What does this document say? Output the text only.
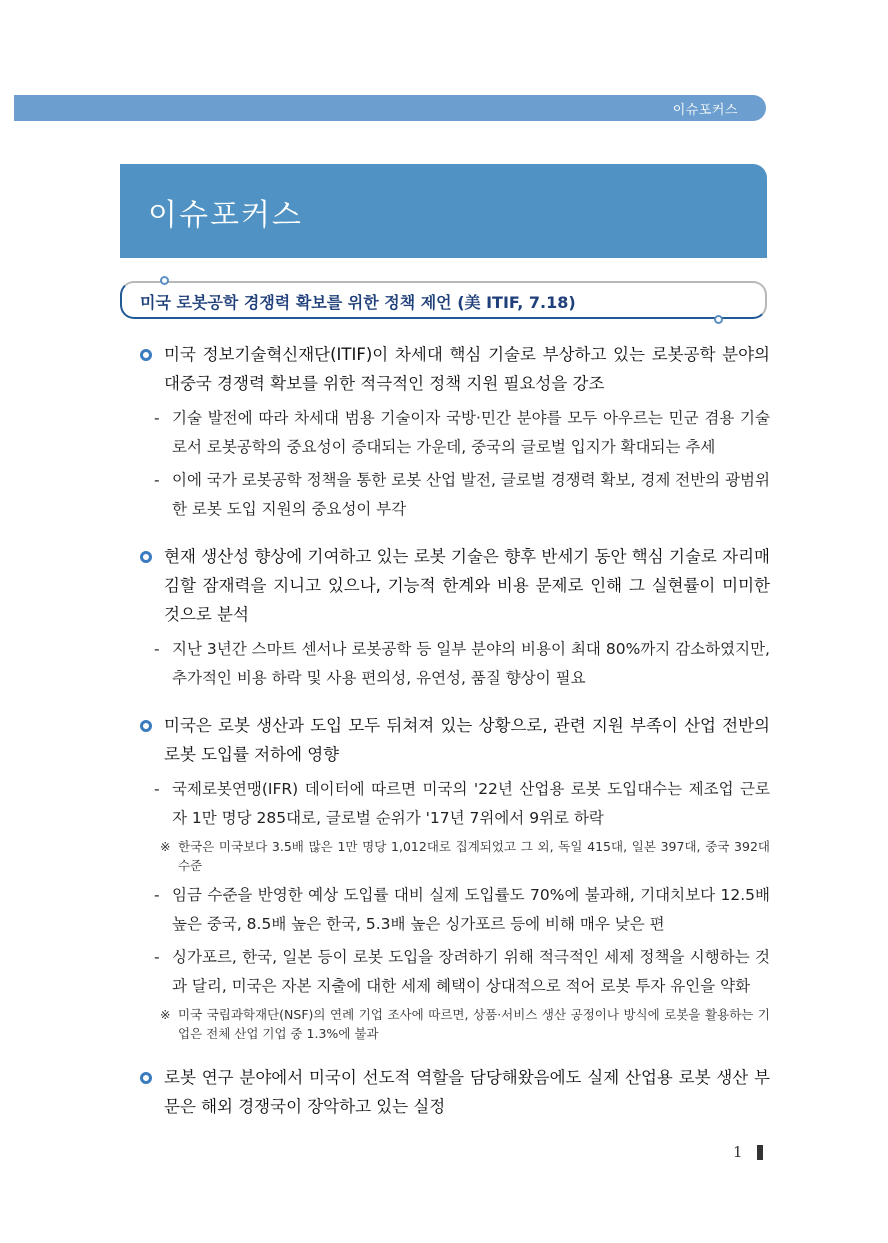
이슈포커스
이슈포커스
미국 로봇공학 경쟁력 확보를 위한 정책 제언 (美 ITIF, 7.18)
미국 정보기술혁신재단(ITIF)이 차세대 핵심 기술로 부상하고 있는 로봇공학 분야의 대중국 경쟁력 확보를 위한 적극적인 정책 지원 필요성을 강조
- 기술 발전에 따라 차세대 범용 기술이자 국방·민간 분야를 모두 아우르는 민군 겸용 기술로서 로봇공학의 중요성이 증대되는 가운데, 중국의 글로벌 입지가 확대되는 추세
- 이에 국가 로봇공학 정책을 통한 로봇 산업 발전, 글로벌 경쟁력 확보, 경제 전반의 광범위한 로봇 도입 지원의 중요성이 부각
현재 생산성 향상에 기여하고 있는 로봇 기술은 향후 반세기 동안 핵심 기술로 자리매김할 잠재력을 지니고 있으나, 기능적 한계와 비용 문제로 인해 그 실현률이 미미한 것으로 분석
- 지난 3년간 스마트 센서나 로봇공학 등 일부 분야의 비용이 최대 80%까지 감소하였지만, 추가적인 비용 하락 및 사용 편의성, 유연성, 품질 향상이 필요
미국은 로봇 생산과 도입 모두 뒤쳐져 있는 상황으로, 관련 지원 부족이 산업 전반의 로봇 도입률 저하에 영향
- 국제로봇연맹(IFR) 데이터에 따르면 미국의 '22년 산업용 로봇 도입대수는 제조업 근로자 1만 명당 285대로, 글로벌 순위가 '17년 7위에서 9위로 하락
※ 한국은 미국보다 3.5배 많은 1만 명당 1,012대로 집계되었고 그 외, 독일 415대, 일본 397대, 중국 392대 수준
- 임금 수준을 반영한 예상 도입률 대비 실제 도입률도 70%에 불과해, 기대치보다 12.5배 높은 중국, 8.5배 높은 한국, 5.3배 높은 싱가포르 등에 비해 매우 낮은 편
- 싱가포르, 한국, 일본 등이 로봇 도입을 장려하기 위해 적극적인 세제 정책을 시행하는 것과 달리, 미국은 자본 지출에 대한 세제 혜택이 상대적으로 적어 로봇 투자 유인을 약화
※ 미국 국립과학재단(NSF)의 연례 기업 조사에 따르면, 상품·서비스 생산 공정이나 방식에 로봇을 활용하는 기업은 전체 산업 기업 중 1.3%에 불과
로봇 연구 분야에서 미국이 선도적 역할을 담당해왔음에도 실제 산업용 로봇 생산 부문은 해외 경쟁국이 장악하고 있는 실정
1
